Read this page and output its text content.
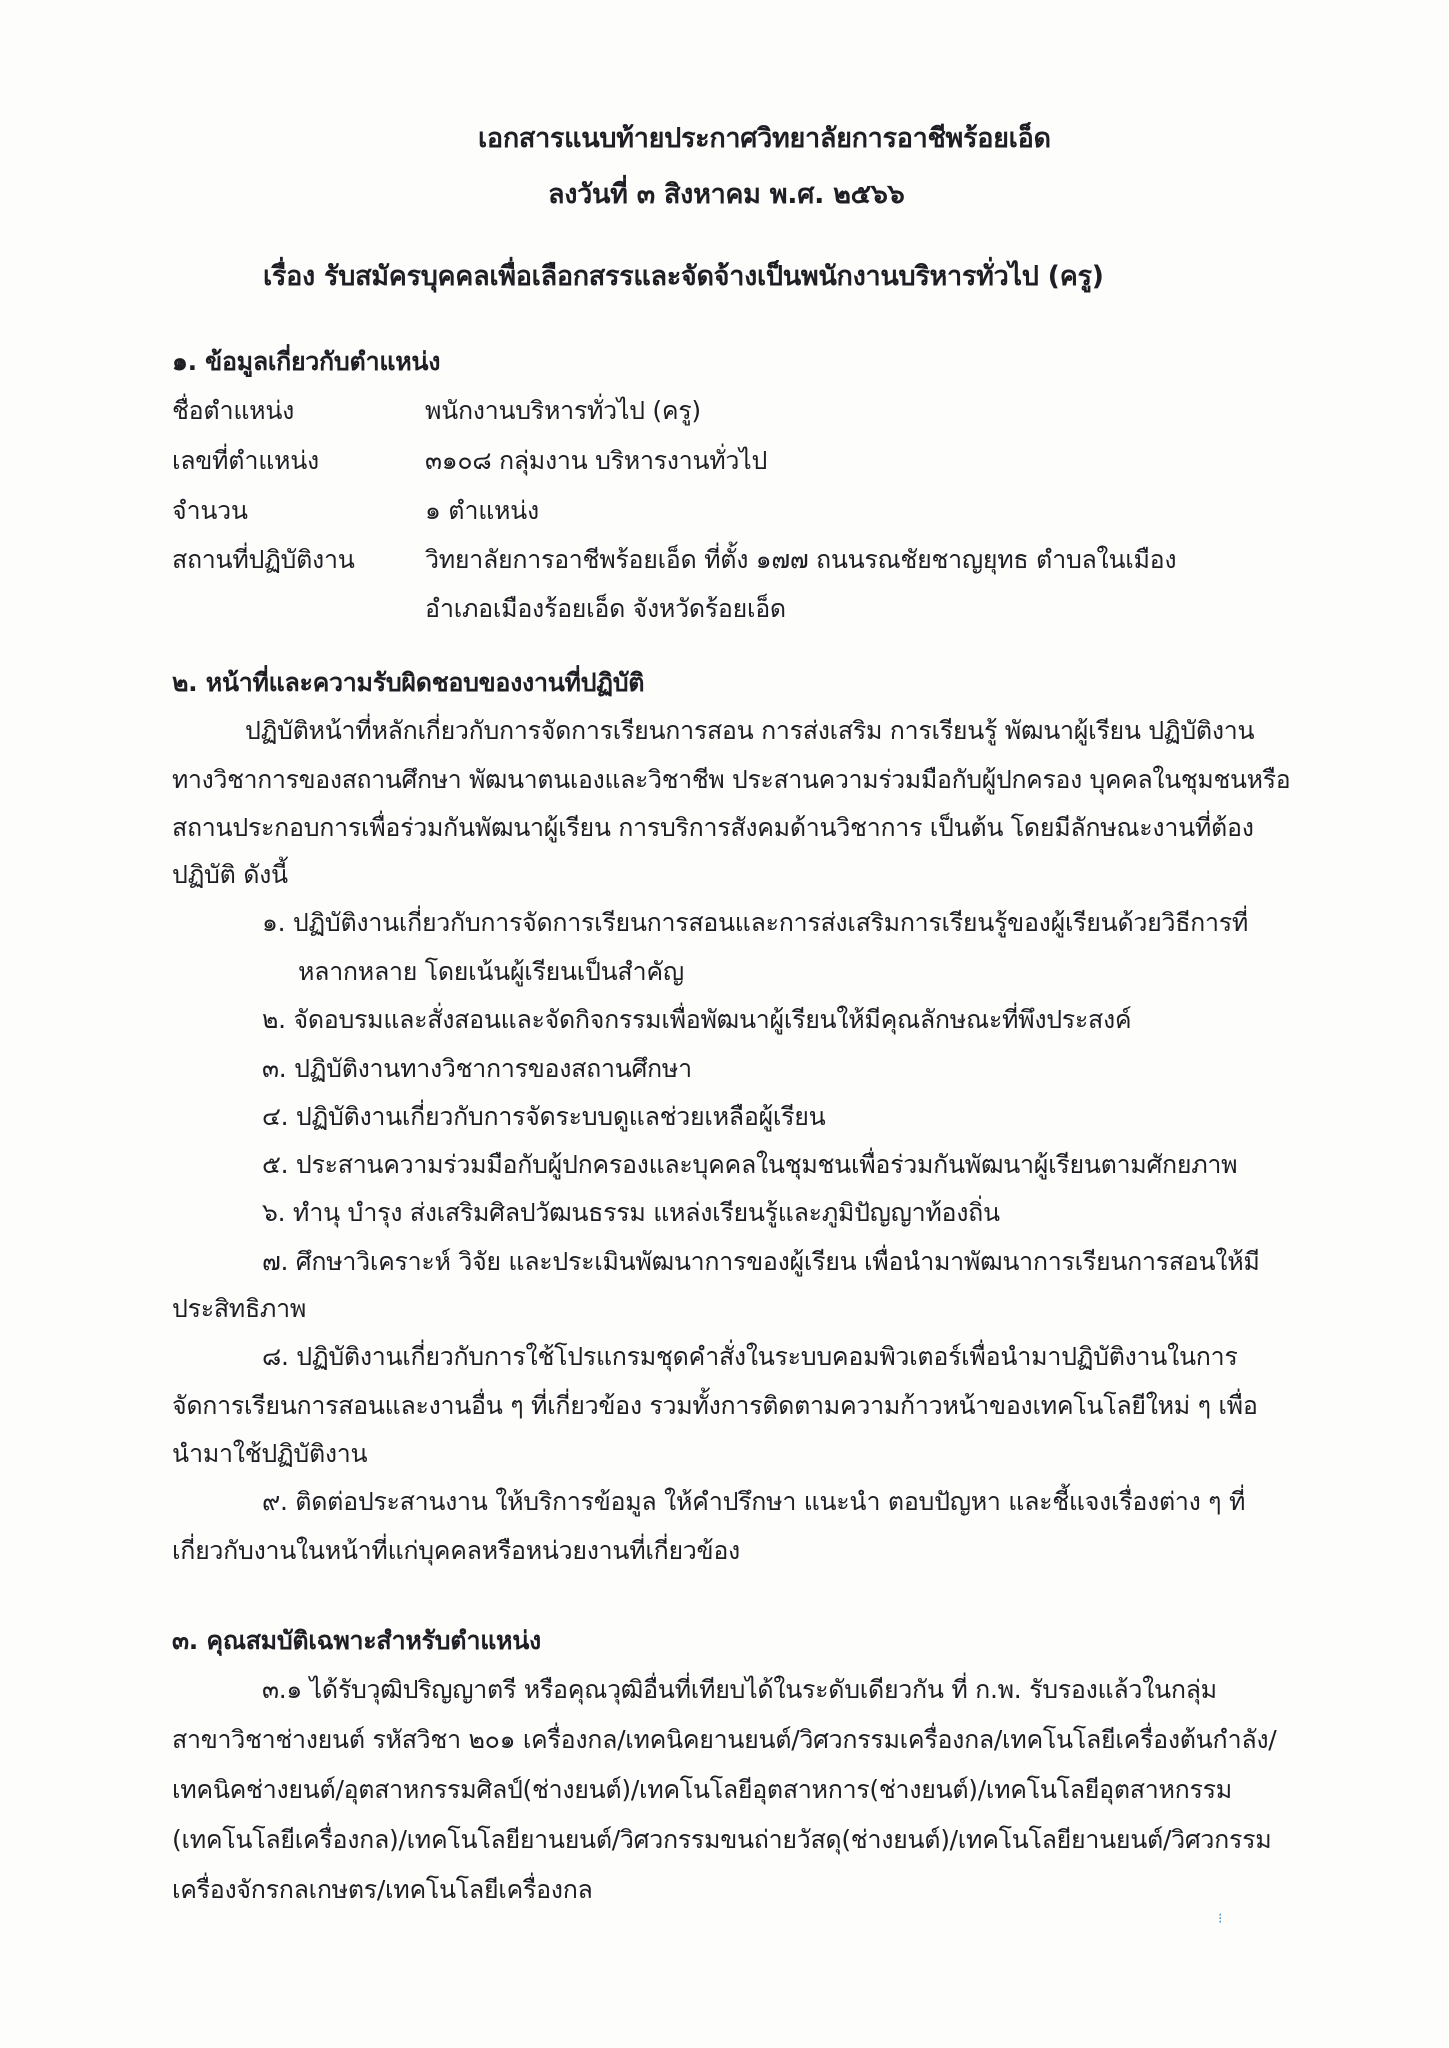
เอกสารแนบท้ายประกาศวิทยาลัยการอาชีพร้อยเอ็ด
ลงวันที่ ๓ สิงหาคม พ.ศ. ๒๕๖๖
เรื่อง รับสมัครบุคคลเพื่อเลือกสรรและจัดจ้างเป็นพนักงานบริหารทั่วไป (ครู)
๑. ข้อมูลเกี่ยวกับตำแหน่ง
ชื่อตำแหน่ง	พนักงานบริหารทั่วไป (ครู)
เลขที่ตำแหน่ง	๓๑๐๘ กลุ่มงาน บริหารงานทั่วไป
จำนวน	๑ ตำแหน่ง
สถานที่ปฏิบัติงาน	วิทยาลัยการอาชีพร้อยเอ็ด ที่ตั้ง ๑๗๗ ถนนรณชัยชาญยุทธ ตำบลในเมือง
อำเภอเมืองร้อยเอ็ด จังหวัดร้อยเอ็ด
๒. หน้าที่และความรับผิดชอบของงานที่ปฏิบัติ
ปฏิบัติหน้าที่หลักเกี่ยวกับการจัดการเรียนการสอน การส่งเสริม การเรียนรู้ พัฒนาผู้เรียน ปฏิบัติงาน
ทางวิชาการของสถานศึกษา พัฒนาตนเองและวิชาชีพ ประสานความร่วมมือกับผู้ปกครอง บุคคลในชุมชนหรือ
สถานประกอบการเพื่อร่วมกันพัฒนาผู้เรียน การบริการสังคมด้านวิชาการ เป็นต้น โดยมีลักษณะงานที่ต้อง
ปฏิบัติ ดังนี้
๑. ปฏิบัติงานเกี่ยวกับการจัดการเรียนการสอนและการส่งเสริมการเรียนรู้ของผู้เรียนด้วยวิธีการที่
หลากหลาย โดยเน้นผู้เรียนเป็นสำคัญ
๒. จัดอบรมและสั่งสอนและจัดกิจกรรมเพื่อพัฒนาผู้เรียนให้มีคุณลักษณะที่พึงประสงค์
๓. ปฏิบัติงานทางวิชาการของสถานศึกษา
๔. ปฏิบัติงานเกี่ยวกับการจัดระบบดูแลช่วยเหลือผู้เรียน
๕. ประสานความร่วมมือกับผู้ปกครองและบุคคลในชุมชนเพื่อร่วมกันพัฒนาผู้เรียนตามศักยภาพ
๖. ทำนุ บำรุง ส่งเสริมศิลปวัฒนธรรม แหล่งเรียนรู้และภูมิปัญญาท้องถิ่น
๗. ศึกษาวิเคราะห์ วิจัย และประเมินพัฒนาการของผู้เรียน เพื่อนำมาพัฒนาการเรียนการสอนให้มี
ประสิทธิภาพ
๘. ปฏิบัติงานเกี่ยวกับการใช้โปรแกรมชุดคำสั่งในระบบคอมพิวเตอร์เพื่อนำมาปฏิบัติงานในการ
จัดการเรียนการสอนและงานอื่น ๆ ที่เกี่ยวข้อง รวมทั้งการติดตามความก้าวหน้าของเทคโนโลยีใหม่ ๆ เพื่อ
นำมาใช้ปฏิบัติงาน
๙. ติดต่อประสานงาน ให้บริการข้อมูล ให้คำปรึกษา แนะนำ ตอบปัญหา และชี้แจงเรื่องต่าง ๆ ที่
เกี่ยวกับงานในหน้าที่แก่บุคคลหรือหน่วยงานที่เกี่ยวข้อง
๓. คุณสมบัติเฉพาะสำหรับตำแหน่ง
๓.๑ ได้รับวุฒิปริญญาตรี หรือคุณวุฒิอื่นที่เทียบได้ในระดับเดียวกัน ที่ ก.พ. รับรองแล้วในกลุ่ม
สาขาวิชาช่างยนต์ รหัสวิชา ๒๐๑ เครื่องกล/เทคนิคยานยนต์/วิศวกรรมเครื่องกล/เทคโนโลยีเครื่องต้นกำลัง/
เทคนิคช่างยนต์/อุตสาหกรรมศิลป์(ช่างยนต์)/เทคโนโลยีอุตสาหการ(ช่างยนต์)/เทคโนโลยีอุตสาหกรรม
(เทคโนโลยีเครื่องกล)/เทคโนโลยียานยนต์/วิศวกรรมขนถ่ายวัสดุ(ช่างยนต์)/เทคโนโลยียานยนต์/วิศวกรรม
เครื่องจักรกลเกษตร/เทคโนโลยีเครื่องกล
⁝
